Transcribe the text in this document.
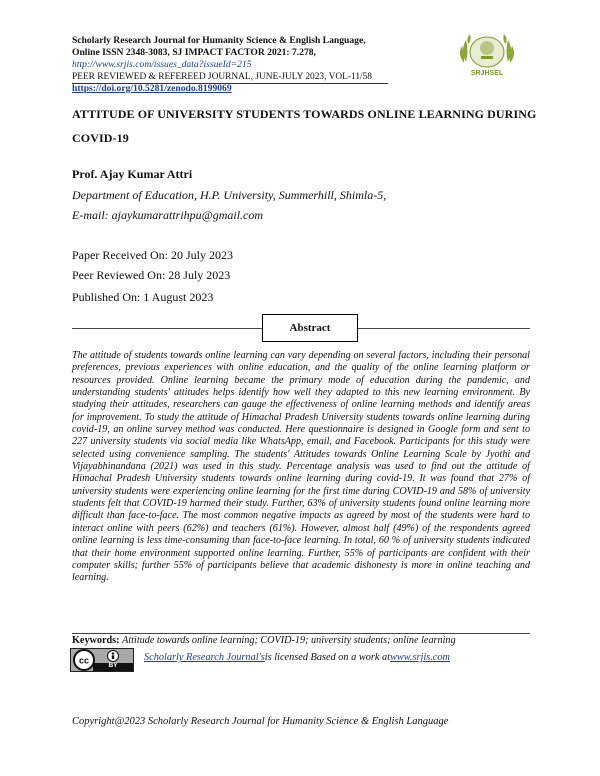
Scholarly Research Journal for Humanity Science & English Language,
Online ISSN 2348-3083, SJ IMPACT FACTOR 2021: 7.278,
http://www.srjis.com/issues_data?issueId=215
PEER REVIEWED & REFEREED JOURNAL, JUNE-JULY 2023, VOL-11/58
https://doi.org/10.5281/zenodo.8199069
SRJHSEL
ATTITUDE OF UNIVERSITY STUDENTS TOWARDS ONLINE LEARNING DURING
COVID-19
Prof. Ajay Kumar Attri
Department of Education, H.P. University, Summerhill, Shimla-5,
E-mail: ajaykumarattrihpu@gmail.com
Paper Received On: 20 July 2023
Peer Reviewed On: 28 July 2023
Published On: 1 August 2023
Abstract
The attitude of students towards online learning can vary depending on several factors, including their personal preferences, previous experiences with online education, and the quality of the online learning platform or resources provided. Online learning became the primary mode of education during the pandemic, and understanding students' attitudes helps identify how well they adapted to this new learning environment. By studying their attitudes, researchers can gauge the effectiveness of online learning methods and identify areas for improvement. To study the attitude of Himachal Pradesh University students towards online learning during covid-19, an online survey method was conducted. Here questionnaire is designed in Google form and sent to 227 university students via social media like WhatsApp, email, and Facebook. Participants for this study were selected using convenience sampling. The students' Attitudes towards Online Learning Scale by Jyothi and Vijayabhinandana (2021) was used in this study. Percentage analysis was used to find out the attitude of Himachal Pradesh University students towards online learning during covid-19. It was found that 27% of university students were experiencing online learning for the first time during COVID-19 and 58% of university students felt that COVID-19 harmed their study. Further, 63% of university students found online learning more difficult than face-to-face. The most common negative impacts as agreed by most of the students were hard to interact online with peers (62%) and teachers (61%). However, almost half (49%) of the respondents agreed online learning is less time-consuming than face-to-face learning. In total, 60 % of university students indicated that their home environment supported online learning. Further, 55% of participants are confident with their computer skills; further 55% of participants believe that academic dishonesty is more in online teaching and learning.
Keywords: Attitude towards online learning; COVID-19; university students; online learning
cc	BY
Scholarly Research Journal'sis licensed Based on a work atwww.srjis.com
Copyright@2023 Scholarly Research Journal for Humanity Science & English Language
